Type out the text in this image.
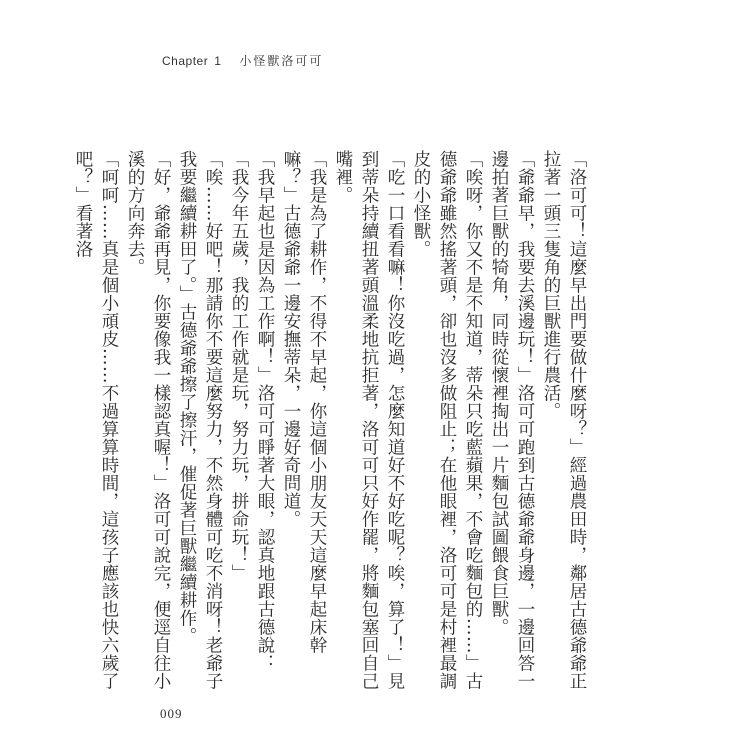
Chapter 1 小怪獸洛可可

「洛可可！這麼早出門要做什麼呀？」經過農田時，鄰居古德爺爺正拉著一頭三隻角的巨獸進行農活。

「爺爺早，我要去溪邊玩！」洛可可跑到古德爺爺身邊，一邊回答一邊拍著巨獸的犄角，同時從懷裡掏出一片麵包試圖餵食巨獸。

「唉呀，你又不是不知道，蒂朵只吃藍蘋果，不會吃麵包的……」古德爺爺雖然搖著頭，卻也沒多做阻止；在他眼裡，洛可可是村裡最調皮的小怪獸。

「吃一口看看嘛！你沒吃過，怎麼知道好不好吃呢？唉，算了！」見到蒂朵持續扭著頭溫柔地抗拒著，洛可可只好作罷，將麵包塞回自己嘴裡。

「我是為了耕作，不得不早起，你這個小朋友天天這麼早起床幹嘛？」古德爺爺一邊安撫蒂朵，一邊好奇問道。

「我早起也是因為工作啊！」洛可可睜著大眼，認真地跟古德說：「我今年五歲，我的工作就是玩，努力玩，拼命玩！」

「唉……好吧！那請你不要這麼努力，不然身體可吃不消呀！老爺子我要繼續耕田了。」古德爺爺擦了擦汗，催促著巨獸繼續耕作。

「好，爺爺再見，你要像我一樣認真喔！」洛可可說完，便逕自往小溪的方向奔去。

「呵呵……真是個小頑皮……不過算算時間，這孩子應該也快六歲了吧？」看著洛

009
